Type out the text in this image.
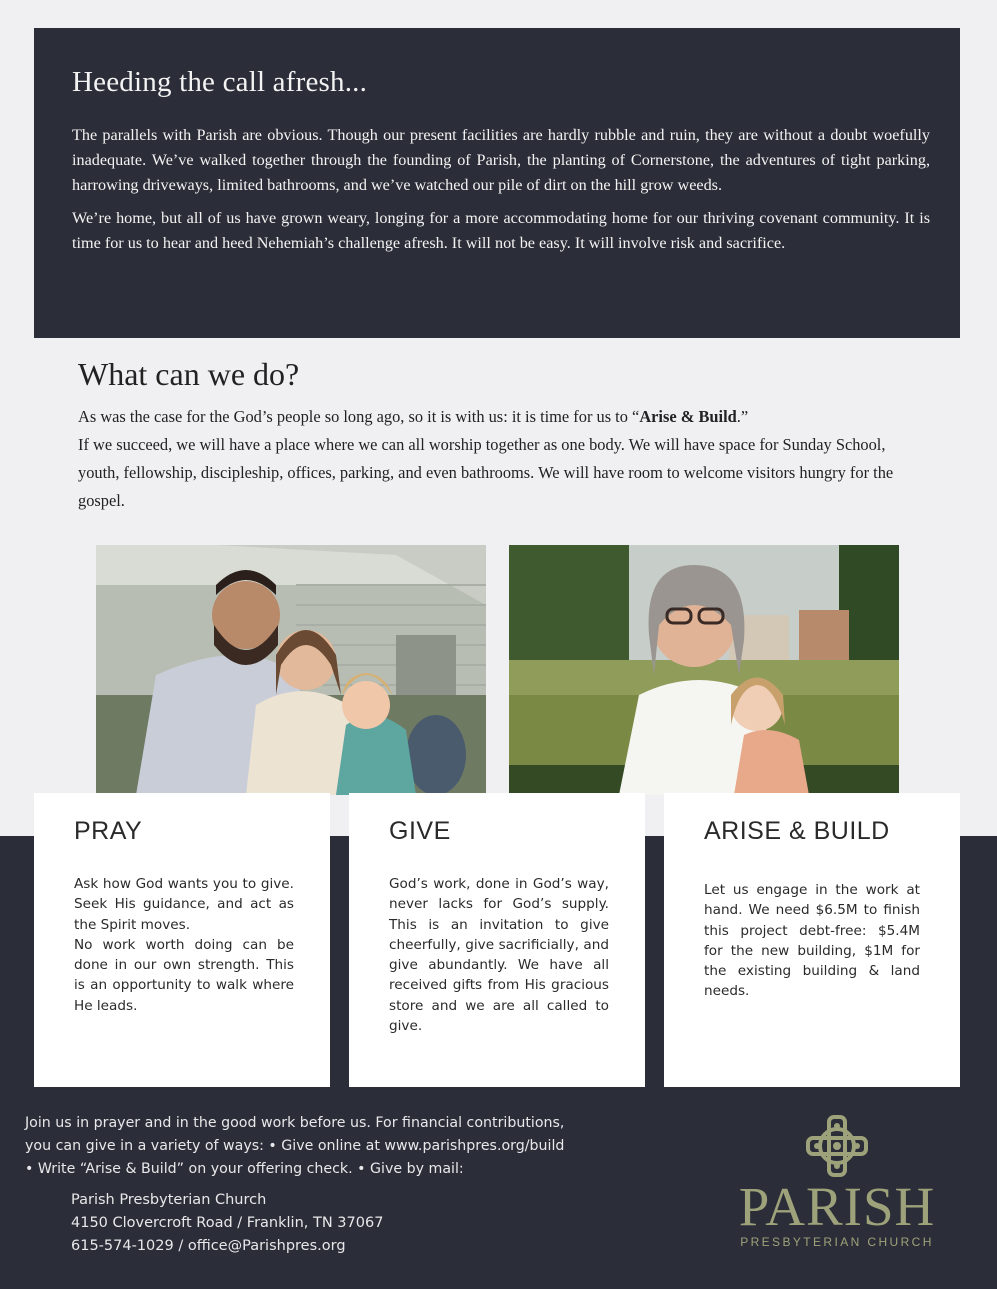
Heeding the call afresh...

The parallels with Parish are obvious. Though our present facilities are hardly rubble and ruin, they are without a doubt woefully inadequate. We’ve walked together through the founding of Parish, the planting of Cornerstone, the adventures of tight parking, harrowing driveways, limited bathrooms, and we’ve watched our pile of dirt on the hill grow weeds.

We’re home, but all of us have grown weary, longing for a more accommodating home for our thriving covenant community. It is time for us to hear and heed Nehemiah’s challenge afresh. It will not be easy. It will involve risk and sacrifice.

What can we do?

As was the case for the God’s people so long ago, so it is with us: it is time for us to “Arise & Build.”

If we succeed, we will have a place where we can all worship together as one body. We will have space for Sunday School, youth, fellowship, discipleship, offices, parking, and even bathrooms. We will have room to welcome visitors hungry for the gospel.

PRAY

Ask how God wants you to give. Seek His guidance, and act as the Spirit moves.

No work worth doing can be done in our own strength. This is an opportunity to walk where He leads.

GIVE

God’s work, done in God’s way, never lacks for God’s supply. This is an invitation to give cheerfully, give sacrificially, and give abundantly. We have all received gifts from His gracious store and we are all called to give.

ARISE & BUILD

Let us engage in the work at hand. We need $6.5M to finish this project debt-free: $5.4M for the new building, $1M for the existing building & land needs.

Join us in prayer and in the good work before us. For financial contributions,
you can give in a variety of ways: • Give online at www.parishpres.org/build
• Write “Arise & Build” on your offering check. • Give by mail:
Parish Presbyterian Church
4150 Clovercroft Road / Franklin, TN 37067
615-574-1029 / office@Parishpres.org
PARISH
PRESBYTERIAN CHURCH
